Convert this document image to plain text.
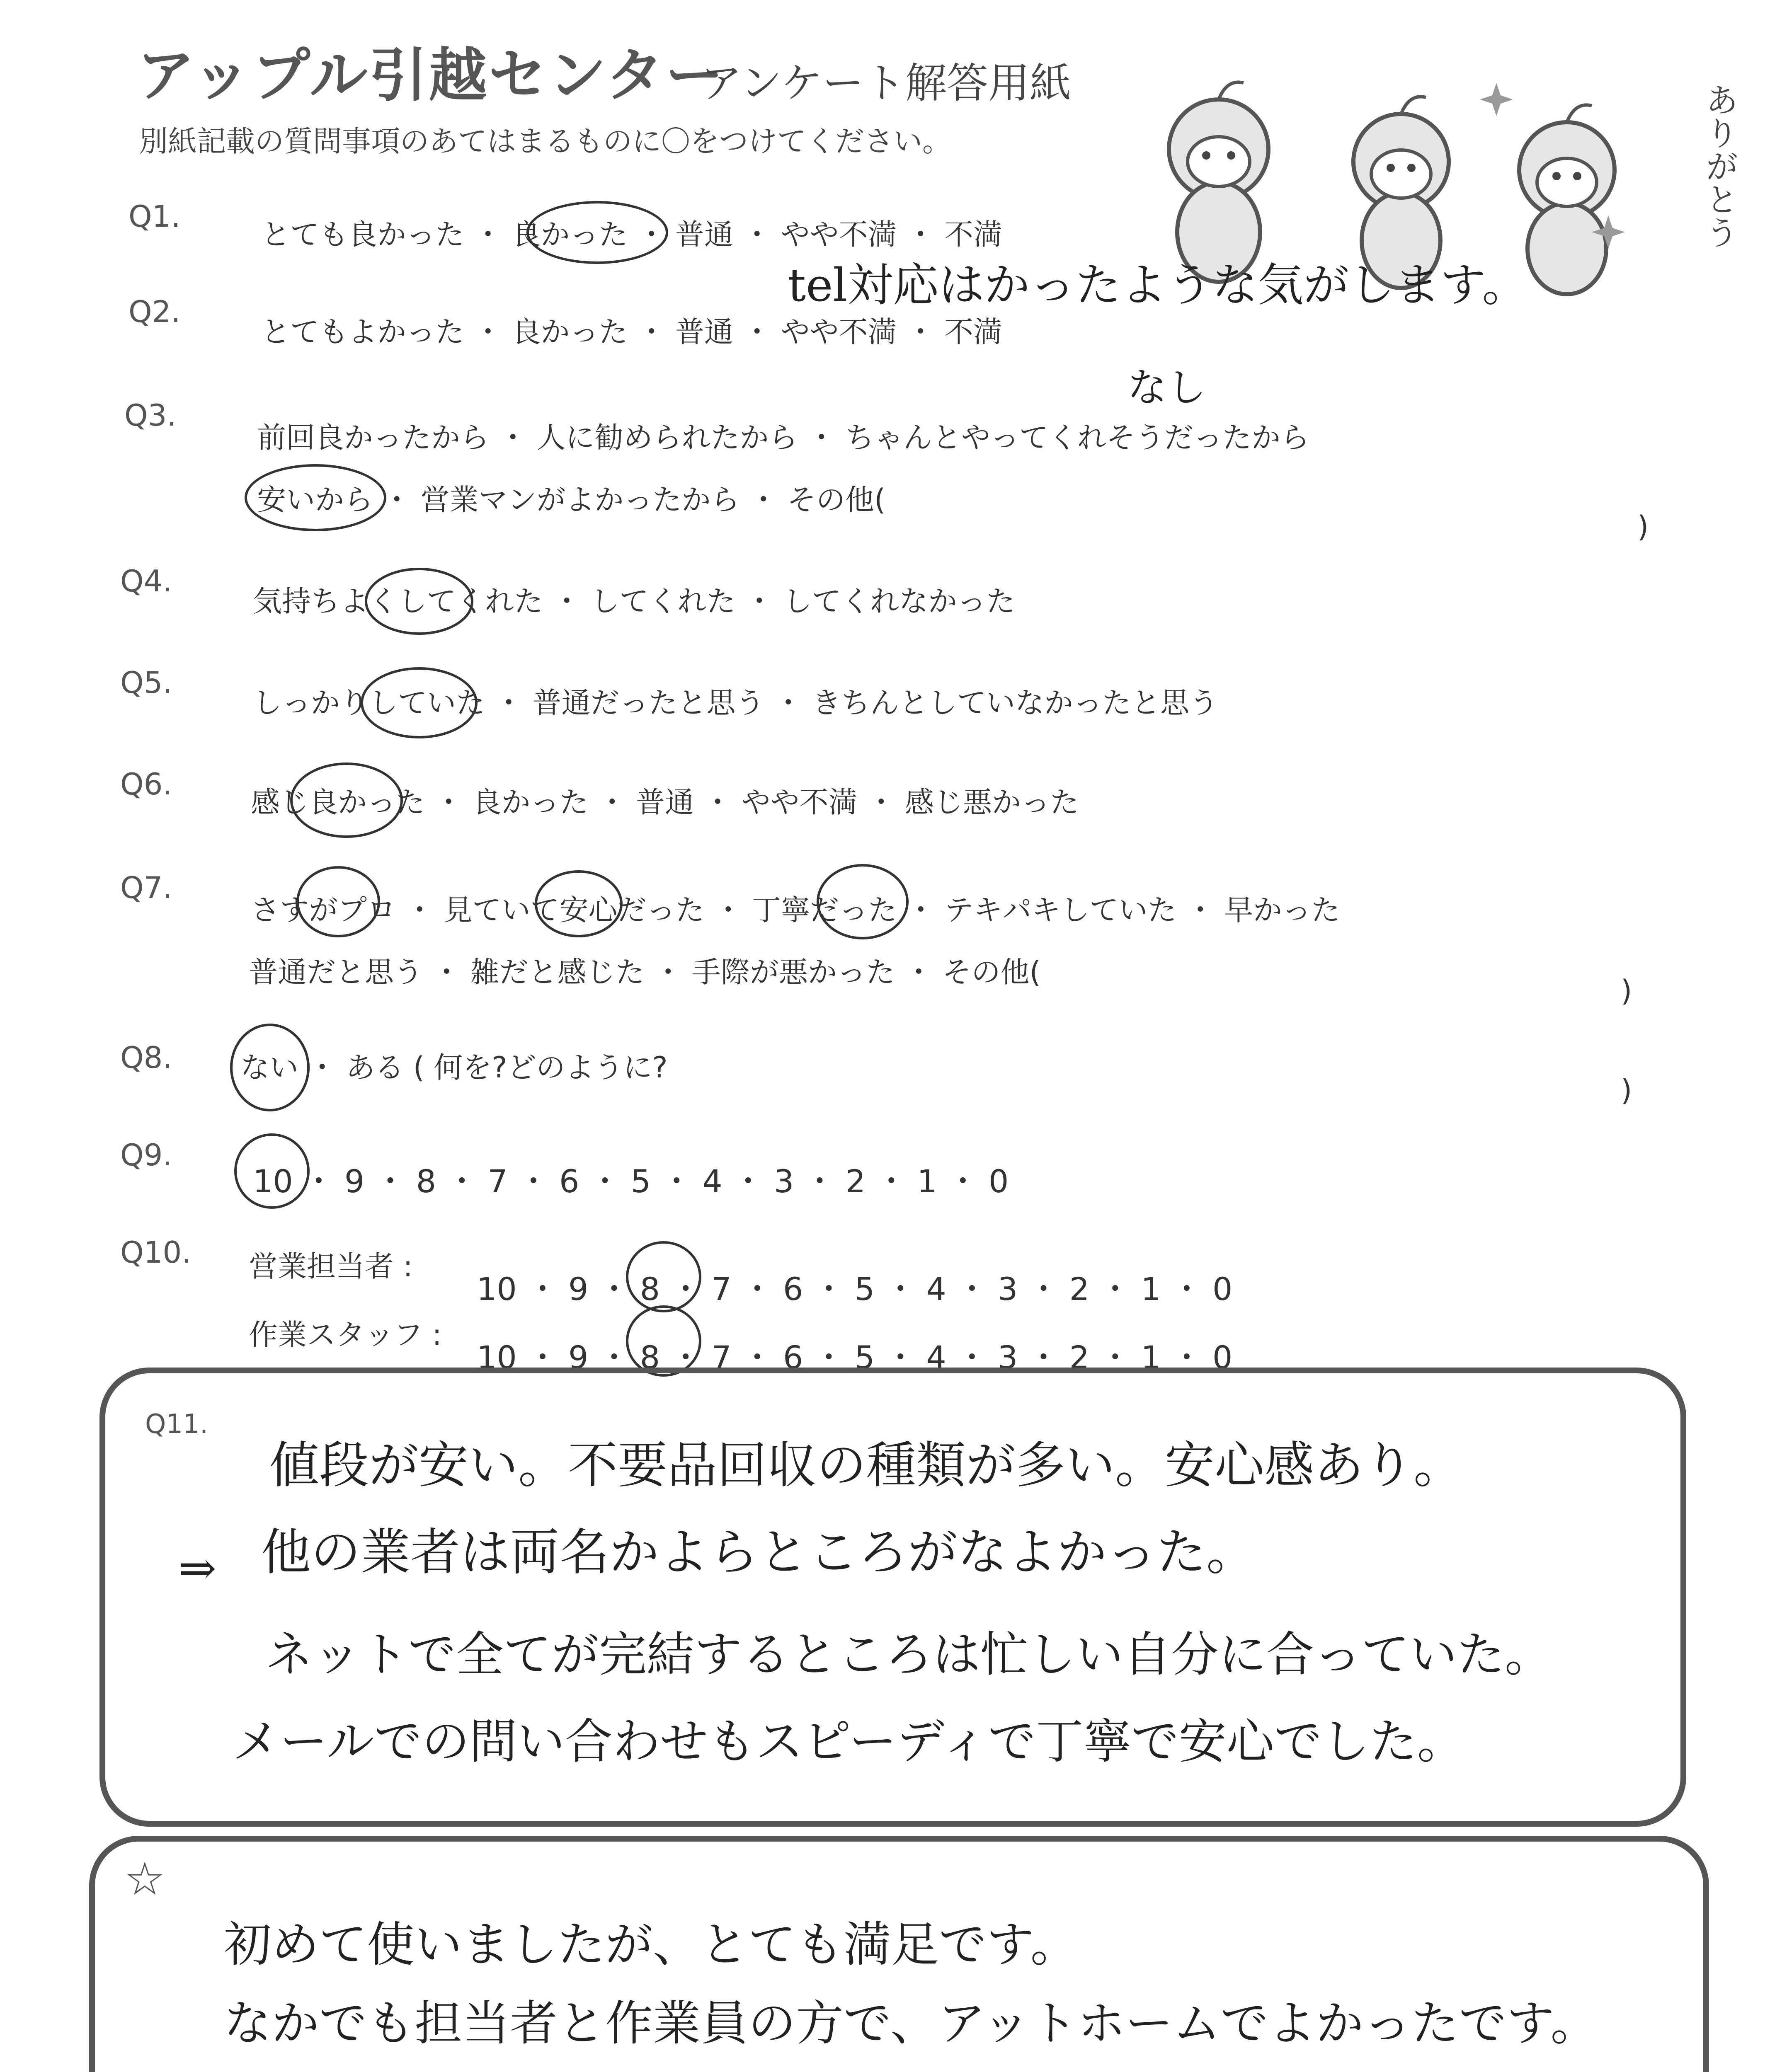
アップル引越センター
アンケート解答用紙
別紙記載の質問事項のあてはまるものに〇をつけてください。	ありがとう
Q1.
とても良かった ・ 良かった ・ 普通 ・ やや不満 ・ 不満
tel対応はかったような気がします。
Q2.
とてもよかった ・ 良かった ・ 普通 ・ やや不満 ・ 不満
なし
Q3.
前回良かったから ・ 人に勧められたから ・ ちゃんとやってくれそうだったから
安いから ・ 営業マンがよかったから ・ その他(
)
Q4.
気持ちよくしてくれた ・ してくれた ・ してくれなかった
Q5.
しっかりしていた ・ 普通だったと思う ・ きちんとしていなかったと思う
Q6.
感じ良かった ・ 良かった ・ 普通 ・ やや不満 ・ 感じ悪かった
Q7.
さすがプロ ・ 見ていて安心だった ・ 丁寧だった ・ テキパキしていた ・ 早かった
普通だと思う ・ 雑だと感じた ・ 手際が悪かった ・ その他(
)
Q8. ない ・ ある ( 何を?どのように?
)
Q9.
10 ・ 9 ・ 8 ・ 7 ・ 6 ・ 5 ・ 4 ・ 3 ・ 2 ・ 1 ・ 0
Q10. 営業担当者 :
10 ・ 9 ・ 8 ・ 7 ・ 6 ・ 5 ・ 4 ・ 3 ・ 2 ・ 1 ・ 0
作業スタッフ :
10 ・ 9 ・ 8 ・ 7 ・ 6 ・ 5 ・ 4 ・ 3 ・ 2 ・ 1 ・ 0
Q11.
値段が安い。不要品回収の種類が多い。安心感あり。
⇒ 他の業者は両名かよらところがなよかった。
ネットで全てが完結するところは忙しい自分に合っていた。
メールでの問い合わせもスピーディで丁寧で安心でした。
☆
初めて使いましたが、とても満足です。
なかでも担当者と作業員の方で、アットホームでよかったです。
